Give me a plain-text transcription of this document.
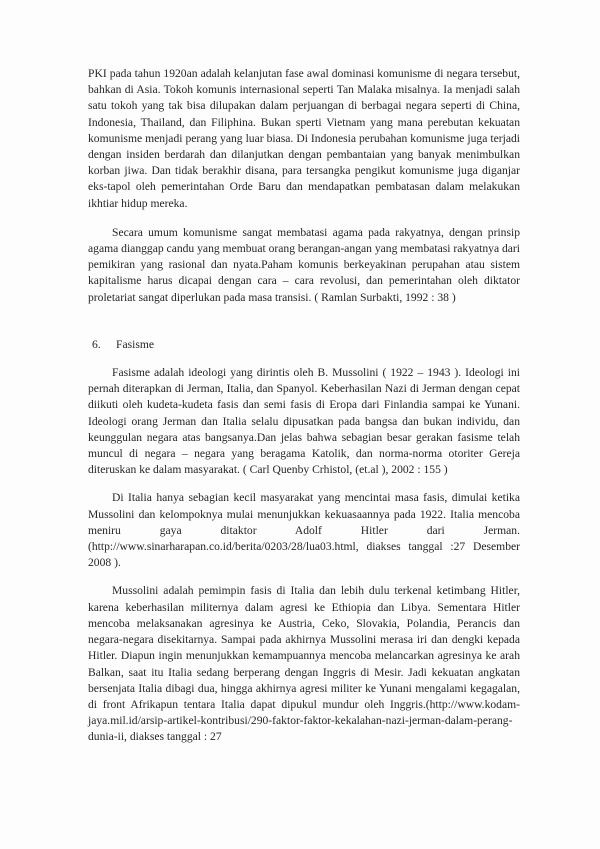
PKI pada tahun 1920an adalah kelanjutan fase awal dominasi komunisme di negara tersebut, bahkan di Asia. Tokoh komunis internasional seperti Tan Malaka misalnya. Ia menjadi salah satu tokoh yang tak bisa dilupakan dalam perjuangan di berbagai negara seperti di China, Indonesia, Thailand, dan Filiphina. Bukan sperti Vietnam yang mana perebutan kekuatan komunisme menjadi perang yang luar biasa. Di Indonesia perubahan komunisme juga terjadi dengan insiden berdarah dan dilanjutkan dengan pembantaian yang banyak menimbulkan korban jiwa. Dan tidak berakhir disana, para tersangka pengikut komunisme juga diganjar eks-tapol oleh pemerintahan Orde Baru dan mendapatkan pembatasan dalam melakukan ikhtiar hidup mereka.

Secara umum komunisme sangat membatasi agama pada rakyatnya, dengan prinsip agama dianggap candu yang membuat orang berangan-angan yang membatasi rakyatnya dari pemikiran yang rasional dan nyata.Paham komunis berkeyakinan perupahan atau sistem kapitalisme harus dicapai dengan cara – cara revolusi, dan pemerintahan oleh diktator proletariat sangat diperlukan pada masa transisi. ( Ramlan Surbakti, 1992 : 38 )

6. Fasisme

Fasisme adalah ideologi yang dirintis oleh B. Mussolini ( 1922 – 1943 ). Ideologi ini pernah diterapkan di Jerman, Italia, dan Spanyol. Keberhasilan Nazi di Jerman dengan cepat diikuti oleh kudeta-kudeta fasis dan semi fasis di Eropa dari Finlandia sampai ke Yunani. Ideologi orang Jerman dan Italia selalu dipusatkan pada bangsa dan bukan individu, dan keunggulan negara atas bangsanya.Dan jelas bahwa sebagian besar gerakan fasisme telah muncul di negara – negara yang beragama Katolik, dan norma-norma otoriter Gereja diteruskan ke dalam masyarakat. ( Carl Quenby Crhistol, (et.al ), 2002 : 155 )

Di Italia hanya sebagian kecil masyarakat yang mencintai masa fasis, dimulai ketika Mussolini dan kelompoknya mulai menunjukkan kekuasaannya pada 1922. Italia mencoba meniru gaya ditaktor Adolf Hitler dari Jerman. (http://www.sinarharapan.co.id/berita/0203/28/lua03.html, diakses tanggal :27 Desember 2008 ).

Mussolini adalah pemimpin fasis di Italia dan lebih dulu terkenal ketimbang Hitler, karena keberhasilan militernya dalam agresi ke Ethiopia dan Libya. Sementara Hitler mencoba melaksanakan agresinya ke Austria, Ceko, Slovakia, Polandia, Perancis dan negara-negara disekitarnya. Sampai pada akhirnya Mussolini merasa iri dan dengki kepada Hitler. Diapun ingin menunjukkan kemampuannya mencoba melancarkan agresinya ke arah Balkan, saat itu Italia sedang berperang dengan Inggris di Mesir. Jadi kekuatan angkatan bersenjata Italia dibagi dua, hingga akhirnya agresi militer ke Yunani mengalami kegagalan, di front Afrikapun tentara Italia dapat dipukul mundur oleh Inggris.(http://www.kodam-jaya.mil.id/arsip-artikel-kontribusi/290-faktor-faktor-kekalahan-nazi-jerman-dalam-perang-dunia-ii, diakses tanggal : 27
